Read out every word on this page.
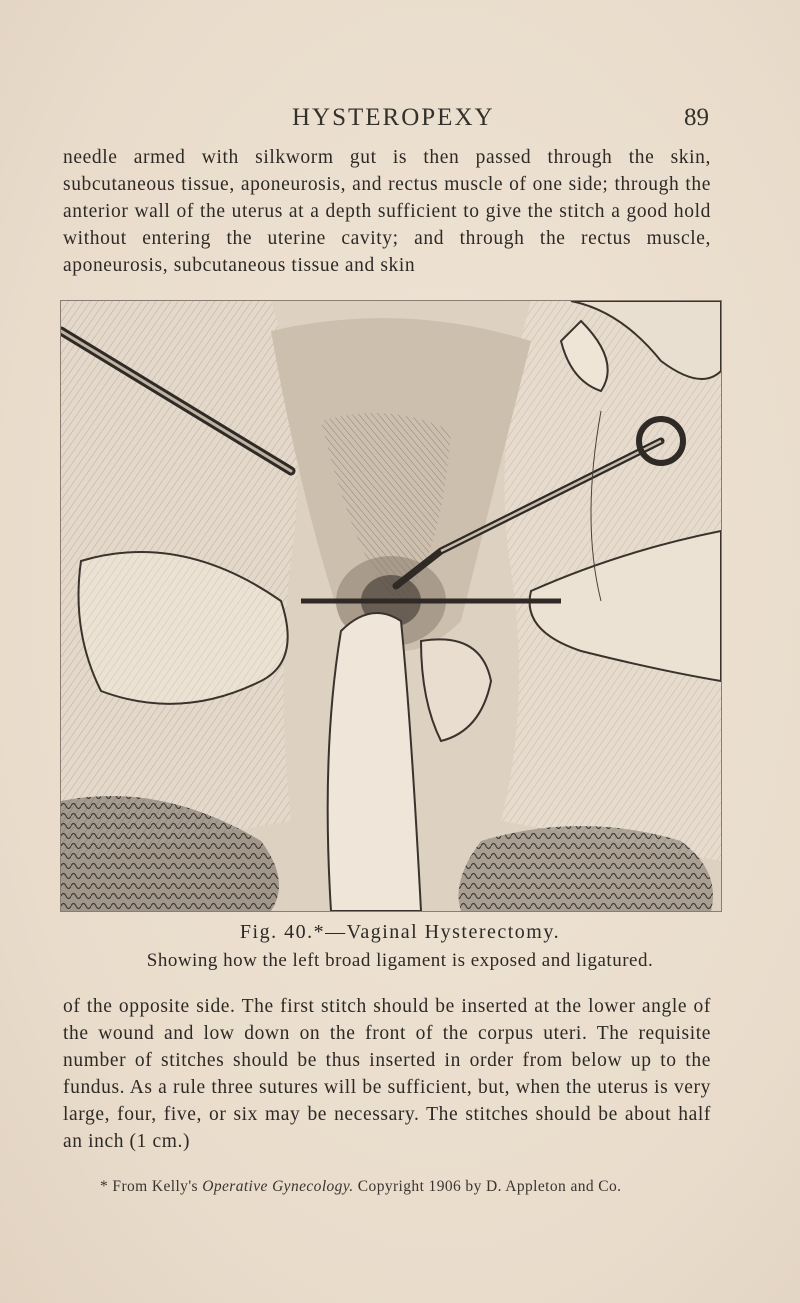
HYSTEROPEXY	89

needle armed with silkworm gut is then passed through the skin, subcutaneous tissue, aponeurosis, and rectus muscle of one side; through the anterior wall of the uterus at a depth sufficient to give the stitch a good hold without entering the uterine cavity; and through the rectus muscle, aponeurosis, subcutaneous tissue and skin

Fig. 40.*—Vaginal Hysterectomy.
Showing how the left broad ligament is exposed and ligatured.

of the opposite side. The first stitch should be inserted at the lower angle of the wound and low down on the front of the corpus uteri. The requisite number of stitches should be thus inserted in order from below up to the fundus. As a rule three sutures will be sufficient, but, when the uterus is very large, four, five, or six may be necessary. The stitches should be about half an inch (1 cm.)

* From Kelly's Operative Gynecology. Copyright 1906 by D. Appleton and Co.
